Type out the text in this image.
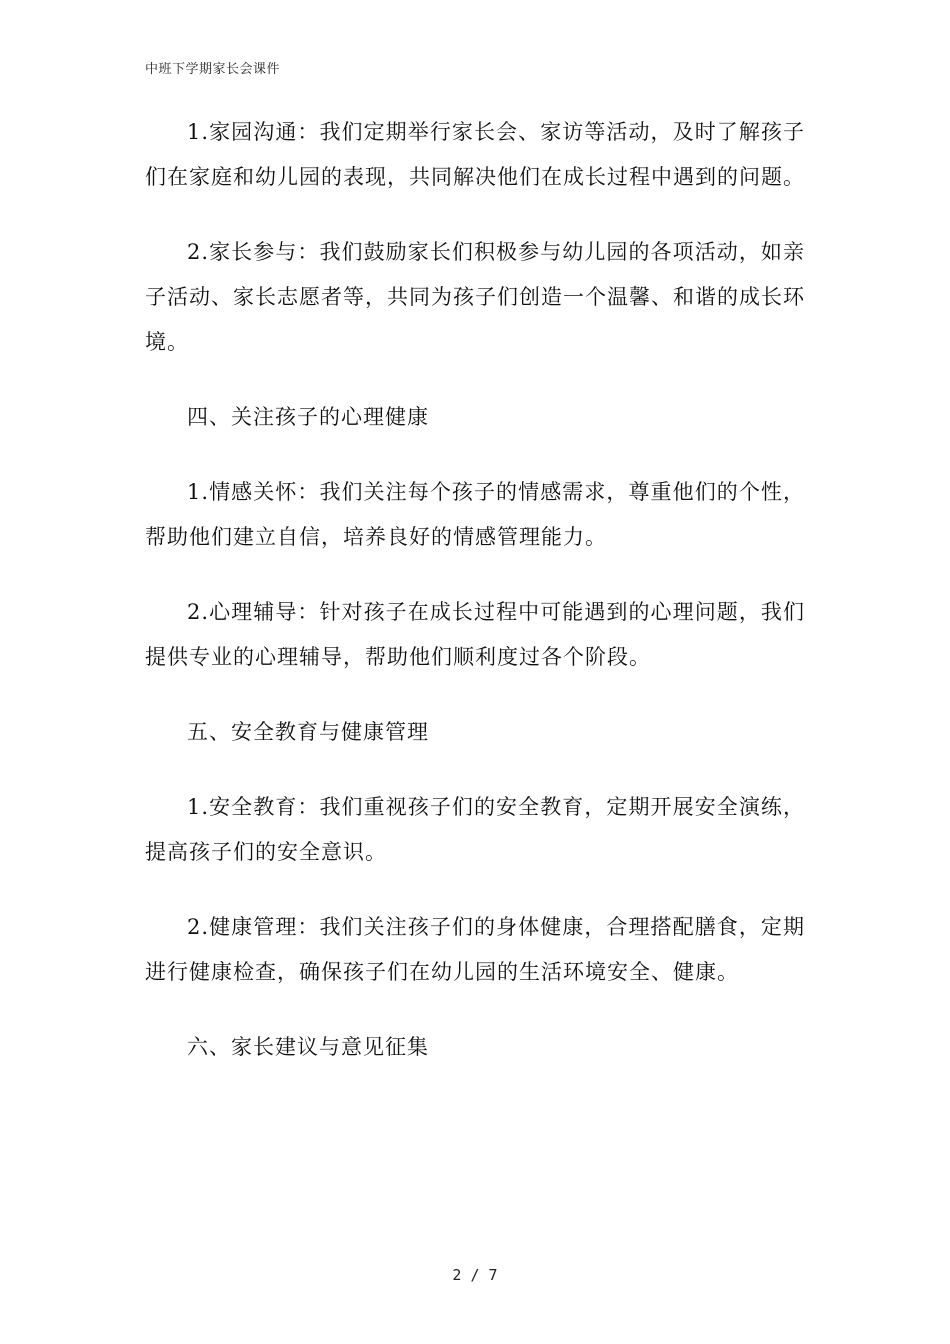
中班下学期家长会课件

1.家园沟通：我们定期举行家长会、家访等活动，及时了解孩子们在家庭和幼儿园的表现，共同解决他们在成长过程中遇到的问题。

2.家长参与：我们鼓励家长们积极参与幼儿园的各项活动，如亲子活动、家长志愿者等，共同为孩子们创造一个温馨、和谐的成长环境。

四、关注孩子的心理健康

1.情感关怀：我们关注每个孩子的情感需求，尊重他们的个性，帮助他们建立自信，培养良好的情感管理能力。

2.心理辅导：针对孩子在成长过程中可能遇到的心理问题，我们提供专业的心理辅导，帮助他们顺利度过各个阶段。

五、安全教育与健康管理

1.安全教育：我们重视孩子们的安全教育，定期开展安全演练，提高孩子们的安全意识。

2.健康管理：我们关注孩子们的身体健康，合理搭配膳食，定期进行健康检查，确保孩子们在幼儿园的生活环境安全、健康。

六、家长建议与意见征集

2 / 7
